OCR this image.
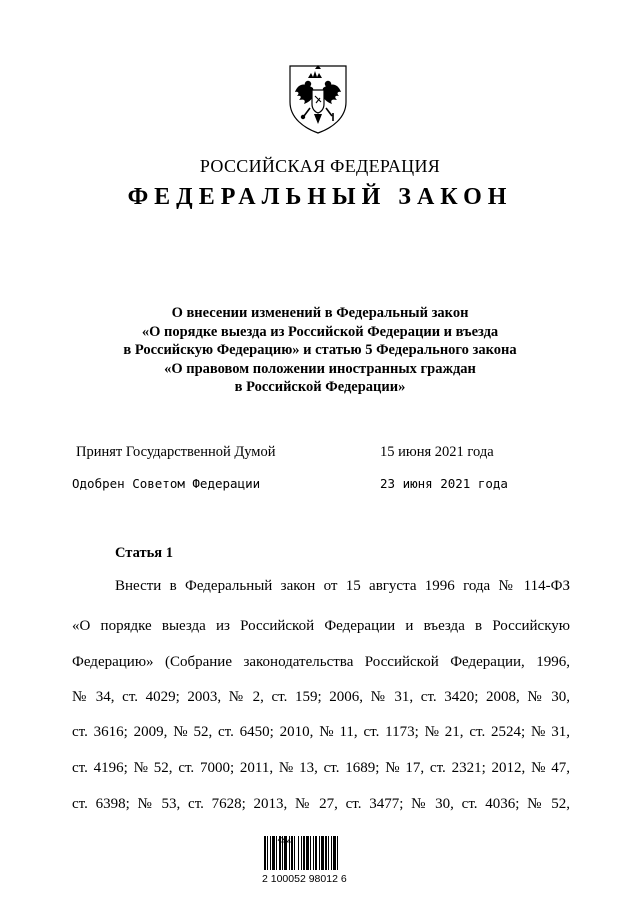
РОССИЙСКАЯ ФЕДЕРАЦИЯ
ФЕДЕРАЛЬНЫЙ ЗАКОН
О внесении изменений в Федеральный закон
«О порядке выезда из Российской Федерации и въезда
в Российскую Федерацию» и статью 5 Федерального закона
«О правовом положении иностранных граждан
в Российской Федерации»
Принят Государственной Думой	15 июня 2021 года
Одобрен Советом Федерации	23 июня 2021 года
Статья 1
Внести в Федеральный закон от 15 августа 1996 года № 114-ФЗ
«О порядке выезда из Российской Федерации и въезда в Российскую
Федерацию» (Собрание законодательства Российской Федерации, 1996,
№ 34, ст. 4029; 2003, № 2, ст. 159; 2006, № 31, ст. 3420; 2008, № 30,
ст. 3616; 2009, № 52, ст. 6450; 2010, № 11, ст. 1173; № 21, ст. 2524; № 31,
ст. 4196; № 52, ст. 7000; 2011, № 13, ст. 1689; № 17, ст. 2321; 2012, № 47,
ст. 6398; № 53, ст. 7628; 2013, № 27, ст. 3477; № 30, ст. 4036; № 52,
2 100052 98012 6
